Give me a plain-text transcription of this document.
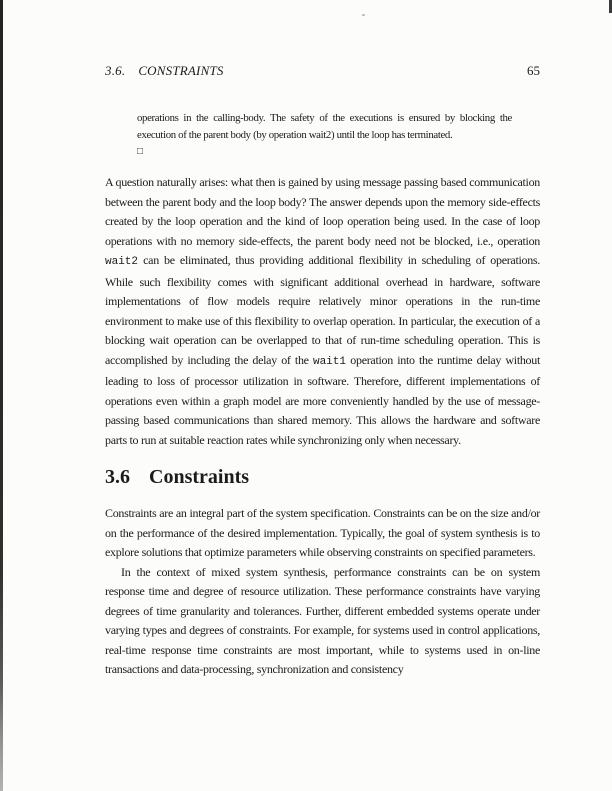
3.6. CONSTRAINTS	65

operations in the calling-body. The safety of the executions is ensured by blocking the execution of the parent body (by operation wait2) until the loop has terminated.

□

A question naturally arises: what then is gained by using message passing based communication between the parent body and the loop body? The answer depends upon the memory side-effects created by the loop operation and the kind of loop operation being used. In the case of loop operations with no memory side-effects, the parent body need not be blocked, i.e., operation wait2 can be eliminated, thus providing additional flexibility in scheduling of operations. While such flexibility comes with significant additional overhead in hardware, software implementations of flow models require relatively minor operations in the run-time environment to make use of this flexibility to overlap operation. In particular, the execution of a blocking wait operation can be overlapped to that of run-time scheduling operation. This is accomplished by including the delay of the wait1 operation into the runtime delay without leading to loss of processor utilization in software. Therefore, different implementations of operations even within a graph model are more conveniently handled by the use of message-passing based communications than shared memory. This allows the hardware and software parts to run at suitable reaction rates while synchronizing only when necessary.

3.6 Constraints

Constraints are an integral part of the system specification. Constraints can be on the size and/or on the performance of the desired implementation. Typically, the goal of system synthesis is to explore solutions that optimize parameters while observing constraints on specified parameters.

In the context of mixed system synthesis, performance constraints can be on system response time and degree of resource utilization. These performance constraints have varying degrees of time granularity and tolerances. Further, different embedded systems operate under varying types and degrees of constraints. For example, for systems used in control applications, real-time response time constraints are most important, while to systems used in on-line transactions and data-processing, synchronization and consistency
